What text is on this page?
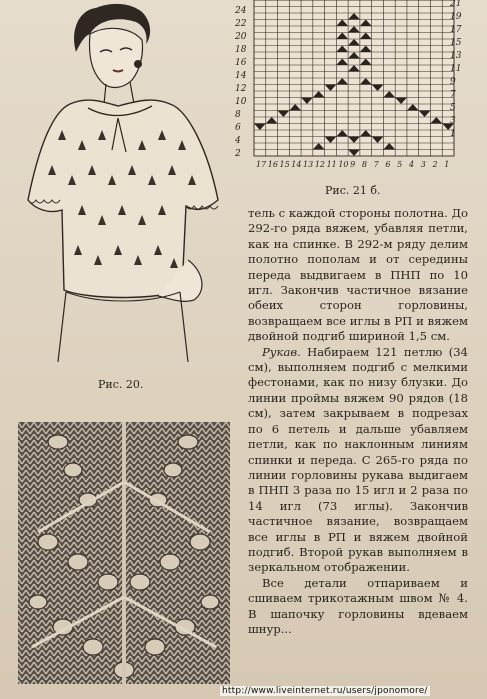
Рис. 20.
21
19
17
15
13
11
9
7
5
3
1
24
22
20
18
16
14
12
10
8
6
4
2
17 16 15 14 13 12 11 10 9 8 7 6 5 4 3 2 1
Рис. 21 б.

тель с каждой стороны полотна. До 292-го ряда вяжем, убавляя петли, как на спинке. В 292-м ряду делим полотно пополам и от середины переда выдвигаем в ПНП по 10 игл. Закончив частичное вязание обеих сторон горловины, возвращаем все иглы в РП и вяжем двойной подгиб шириной 1,5 см.

Рукав. Набираем 121 петлю (34 см), выполняем подгиб с мелкими фестонами, как по низу блузки. До линии проймы вяжем 90 рядов (18 см), затем закрываем в подрезах по 6 петель и дальше убавляем петли, как по наклонным линиям спинки и переда. С 265-го ряда по линии горловины рукава выдигаем в ПНП 3 раза по 15 игл и 2 раза по 14 игл (73 иглы). Закончив частичное вязание, возвращаем все иглы в РП и вяжем двойной подгиб. Второй рукав выполняем в зеркальном отображении.

Все детали отпариваем и сшиваем трикотажным швом № 4. В шапочку горловины вдеваем шнур...

http://www.liveinternet.ru/users/jponomore/
